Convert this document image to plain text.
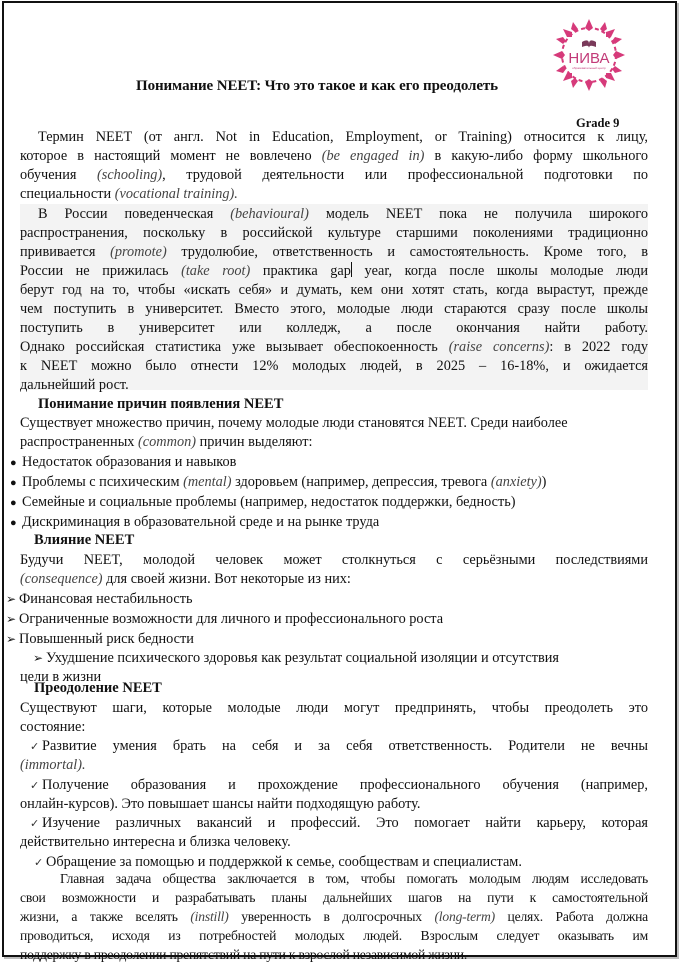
НИВА
образовательный центр
Понимание NEET: Что это такое и как его преодолеть
Grade 9
Термин NEET (от англ. Not in Education, Employment, or Training) относится к лицу,
которое в настоящий момент не вовлечено (be engaged in) в какую-либо форму школьного
обучения (schooling), трудовой деятельности или профессиональной подготовки по
специальности (vocational training).
В России поведенческая (behavioural) модель NEET пока не получила широкого
распространения, поскольку в российской культуре старшими поколениями традиционно
прививается (promote) трудолюбие, ответственность и самостоятельность. Кроме того, в
России не прижилась (take root) практика gap year, когда после школы молодые люди
берут год на то, чтобы «искать себя» и думать, кем они хотят стать, когда вырастут, прежде
чем поступить в университет. Вместо этого, молодые люди стараются сразу после школы
поступить в университет или колледж, а после окончания найти работу.
Однако российская статистика уже вызывает обеспокоенность (raise concerns): в 2022 году
к NEET можно было отнести 12% молодых людей, в 2025 – 16-18%, и ожидается
дальнейший рост.
Понимание причин появления NEET
Существует множество причин, почему молодые люди становятся NEET. Среди наиболее
распространенных (common) причин выделяют:
● Недостаток образования и навыков
● Проблемы с психическим (mental) здоровьем (например, депрессия, тревога (anxiety))
● Семейные и социальные проблемы (например, недостаток поддержки, бедность)
● Дискриминация в образовательной среде и на рынке труда
Влияние NEET
Будучи NEET, молодой человек может столкнуться с серьёзными последствиями
(consequence) для своей жизни. Вот некоторые из них:
➢ Финансовая нестабильность
➢ Ограниченные возможности для личного и профессионального роста
➢ Повышенный риск бедности
➢ Ухудшение психического здоровья как результат социальной изоляции и отсутствия
цели в жизни
Преодоление NEET
Существуют шаги, которые молодые люди могут предпринять, чтобы преодолеть это
состояние:
✓ Развитие умения брать на себя и за себя ответственность. Родители не вечны
(immortal).
✓ Получение образования и прохождение профессионального обучения (например,
онлайн-курсов). Это повышает шансы найти подходящую работу.
✓ Изучение различных вакансий и профессий. Это помогает найти карьеру, которая
действительно интересна и близка человеку.
✓ Обращение за помощью и поддержкой к семье, сообществам и специалистам.
Главная задача общества заключается в том, чтобы помогать молодым людям исследовать
свои возможности и разрабатывать планы дальнейших шагов на пути к самостоятельной
жизни, а также вселять (instill) уверенность в долгосрочных (long-term) целях. Работа должна
проводиться, исходя из потребностей молодых людей. Взрослым следует оказывать им
поддержку в преодолении препятствий на пути к взрослой независимой жизни.
